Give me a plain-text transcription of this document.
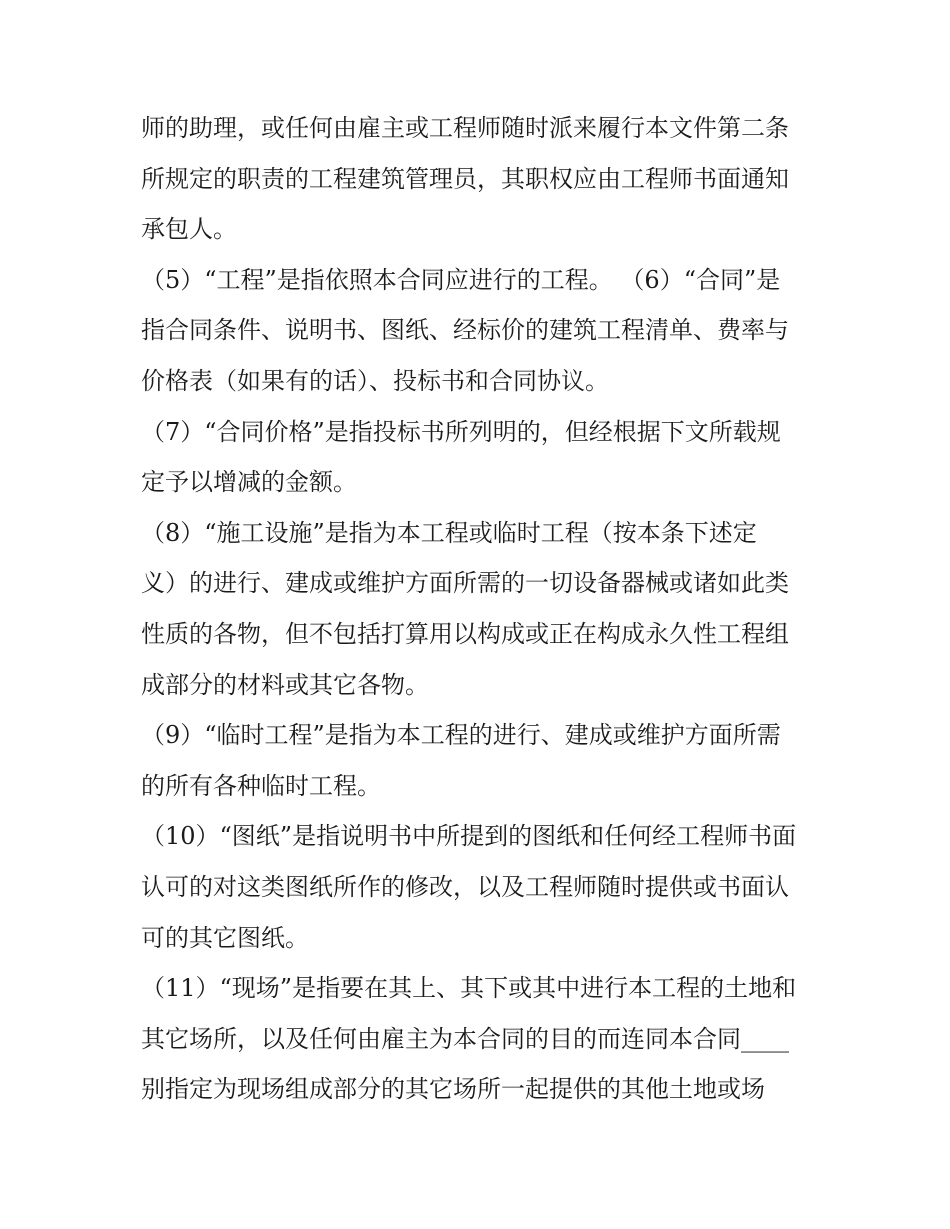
师的助理，或任何由雇主或工程师随时派来履行本文件第二条
所规定的职责的工程建筑管理员，其职权应由工程师书面通知
承包人。
（5）“工程”是指依照本合同应进行的工程。 （6）“合同”是
指合同条件、说明书、图纸、经标价的建筑工程清单、费率与
价格表（如果有的话）、投标书和合同协议。
（7）“合同价格”是指投标书所列明的，但经根据下文所载规
定予以增减的金额。
（8）“施工设施”是指为本工程或临时工程（按本条下述定
义）的进行、建成或维护方面所需的一切设备器械或诸如此类
性质的各物，但不包括打算用以构成或正在构成永久性工程组
成部分的材料或其它各物。
（9）“临时工程”是指为本工程的进行、建成或维护方面所需
的所有各种临时工程。
（10）“图纸”是指说明书中所提到的图纸和任何经工程师书面
认可的对这类图纸所作的修改，以及工程师随时提供或书面认
可的其它图纸。
（11）“现场”是指要在其上、其下或其中进行本工程的土地和
其它场所，以及任何由雇主为本合同的目的而连同本合同____
别指定为现场组成部分的其它场所一起提供的其他土地或场
